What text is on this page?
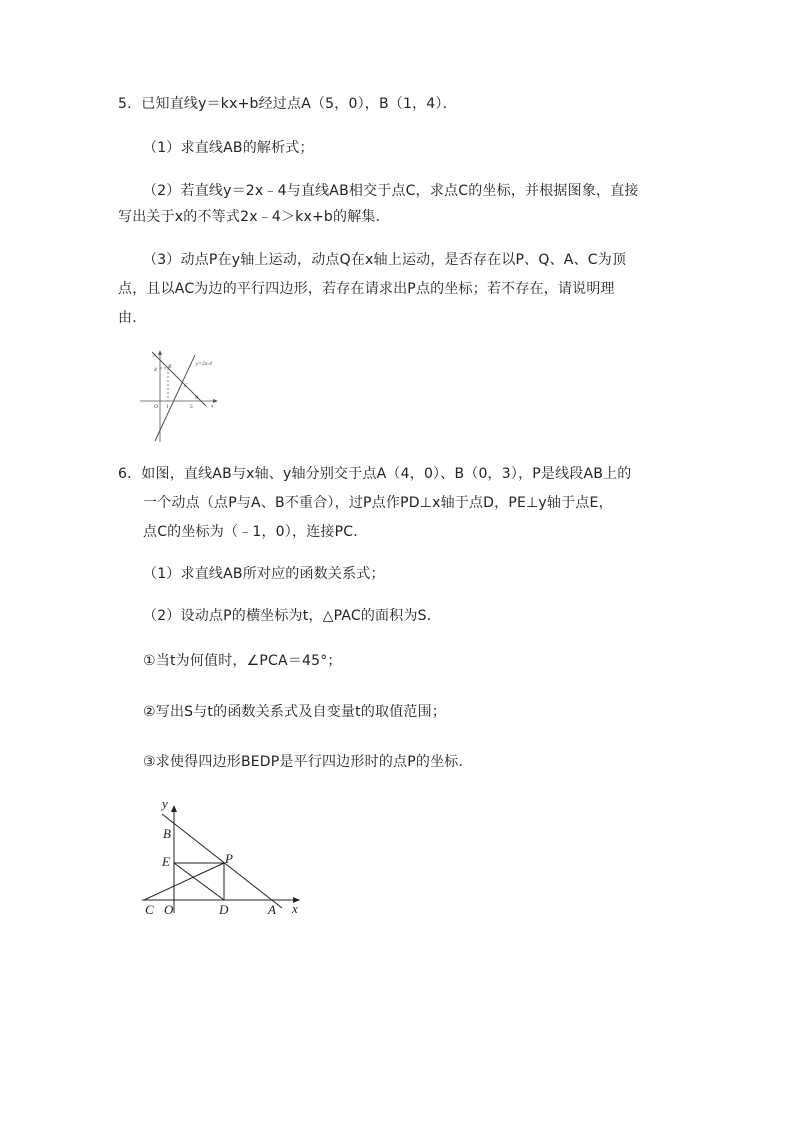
5．已知直线y＝kx+b经过点A（5，0），B（1，4）．
（1）求直线AB的解析式；
（2）若直线y＝2x﹣4与直线AB相交于点C，求点C的坐标，并根据图象，直接
写出关于x的不等式2x﹣4＞kx+b的解集．
（3）动点P在y轴上运动，动点Q在x轴上运动，是否存在以P、Q、A、C为顶
点，且以AC为边的平行四边形，若存在请求出P点的坐标；若不存在，请说明理
由．
y
y=2x-4
B
4
C
A
O 1	5	x
6．如图，直线AB与x轴、y轴分别交于点A（4，0）、B（0，3），P是线段AB上的
一个动点（点P与A、B不重合），过P点作PD⊥x轴于点D，PE⊥y轴于点E，
点C的坐标为（﹣1，0），连接PC．
（1）求直线AB所对应的函数关系式；
（2）设动点P的横坐标为t，△PAC的面积为S．
①当t为何值时，∠PCA＝45°；
②写出S与t的函数关系式及自变量t的取值范围；
③求使得四边形BEDP是平行四边形时的点P的坐标．
y
B
E	P
C O	D	A x
